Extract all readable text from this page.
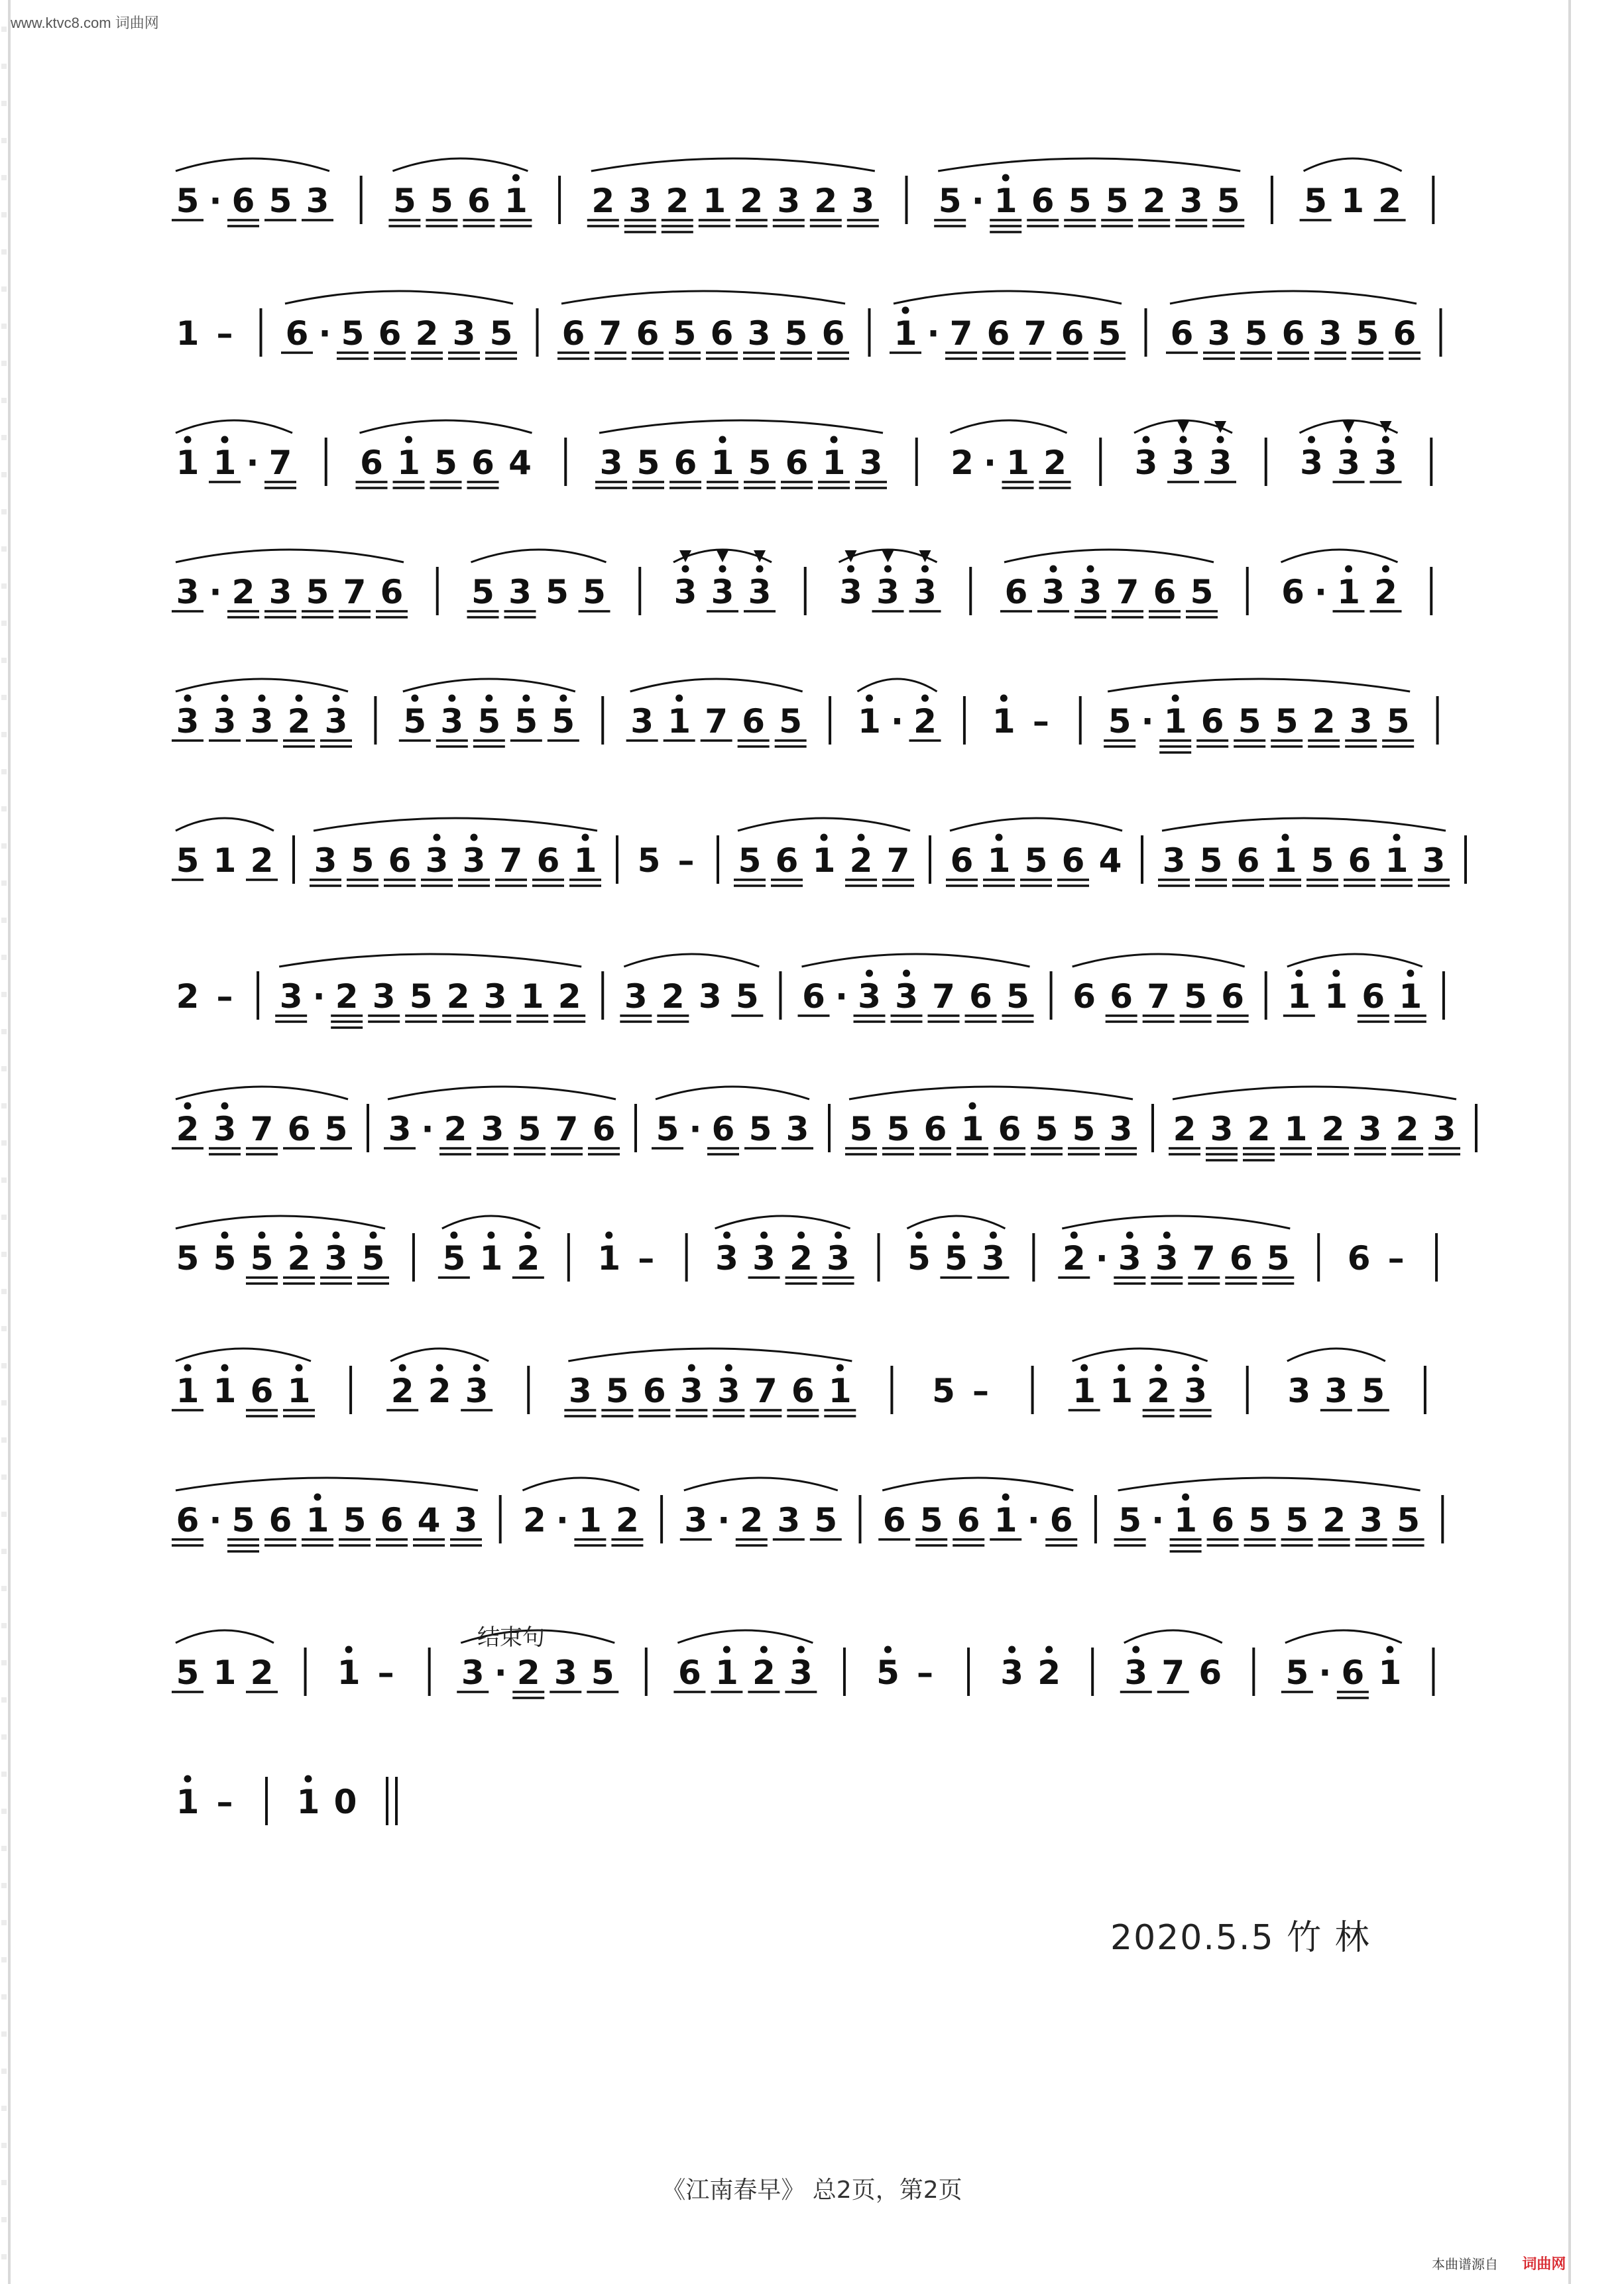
www.ktvc8.com 词曲网
5 · 6 5 3 5 5 6 1 2 3 2 1 2 3 2 3 5 · 1 6 5 5 2 3 5 5 1 2
1 – 6 · 5 6 2 3 5 6 7 6 5 6 3 5 6 1 · 7 6 7 6 5 6 3 5 6 3 5 6
1 1 · 7 6 1 5 6 4 3 5 6 1 5 6 1 3 2 · 1 2 3 3 3 3 3 3
3 · 2 3 5 7 6 5 3 5 5 3 3 3 3 3 3 6 3 3 7 6 5 6 · 1 2
3 3 3 2 3 5 3 5 5 5 3 1 7 6 5 1 · 2 1 – 5 · 1 6 5 5 2 3 5
5 1 2 3 5 6 3 3 7 6 1 5 – 5 6 1 2 7 6 1 5 6 4 3 5 6 1 5 6 1 3
2 – 3 · 2 3 5 2 3 1 2 3 2 3 5 6 · 3 3 7 6 5 6 6 7 5 6 1 1 6 1
2 3 7 6 5 3 · 2 3 5 7 6 5 · 6 5 3 5 5 6 1 6 5 5 3 2 3 2 1 2 3 2 3
5 5 5 2 3 5 5 1 2 1 – 3 3 2 3 5 5 3 2 · 3 3 7 6 5 6 –
1 1 6 1 2 2 3 3 5 6 3 3 7 6 1 5 –	1 1 2 3 3 3 5
6 · 5 6 1 5 6 4 3 2 · 1 2 3 · 2 3 5 6 5 6 1 · 6 5 · 1 6 5 5 2 3 5
5 1 2 1 – 3 · 2 3 5 6 1 2 3 5 – 3 2 3 7 6 5 · 6 1
1 – 1 0
结束句
2020.5.5 竹 林
《江南春早》 总2页，第2页
本曲谱源自 词曲网
